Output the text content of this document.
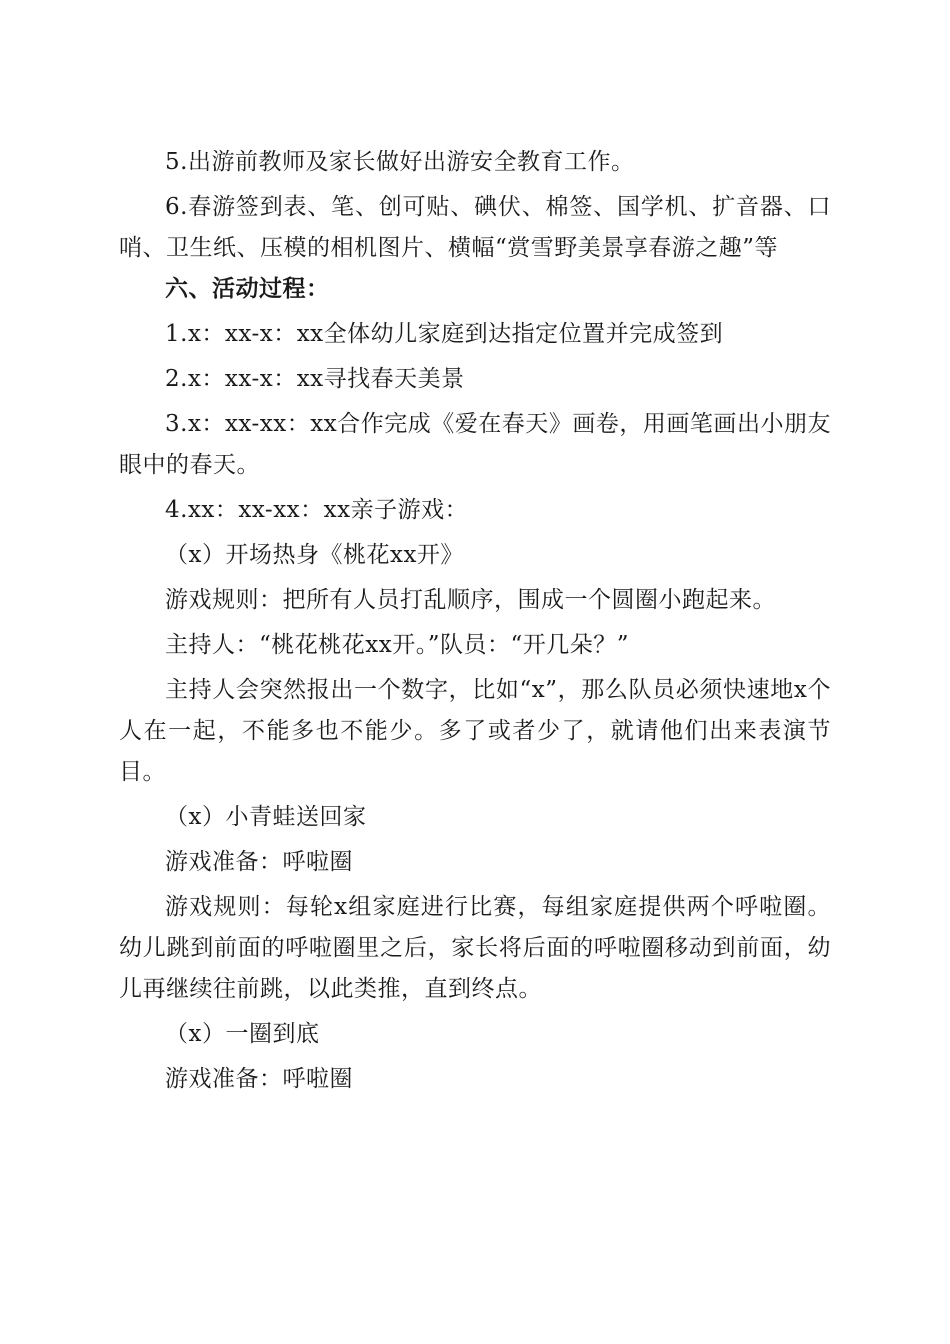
5.出游前教师及家长做好出游安全教育工作。

6.春游签到表、笔、创可贴、碘伏、棉签、国学机、扩音器、口哨、卫生纸、压模的相机图片、横幅“赏雪野美景享春游之趣”等

六、活动过程：

1.x：xx-x：xx全体幼儿家庭到达指定位置并完成签到

2.x：xx-x：xx寻找春天美景

3.x：xx-xx：xx合作完成《爱在春天》画卷，用画笔画出小朋友眼中的春天。

4.xx：xx-xx：xx亲子游戏：

（x）开场热身《桃花xx开》

游戏规则：把所有人员打乱顺序，围成一个圆圈小跑起来。

主持人：“桃花桃花xx开。”队员：“开几朵？”

主持人会突然报出一个数字，比如“x”，那么队员必须快速地x个人在一起，不能多也不能少。多了或者少了，就请他们出来表演节目。

（x）小青蛙送回家

游戏准备：呼啦圈

游戏规则：每轮x组家庭进行比赛，每组家庭提供两个呼啦圈。幼儿跳到前面的呼啦圈里之后，家长将后面的呼啦圈移动到前面，幼儿再继续往前跳，以此类推，直到终点。

（x）一圈到底

游戏准备：呼啦圈
